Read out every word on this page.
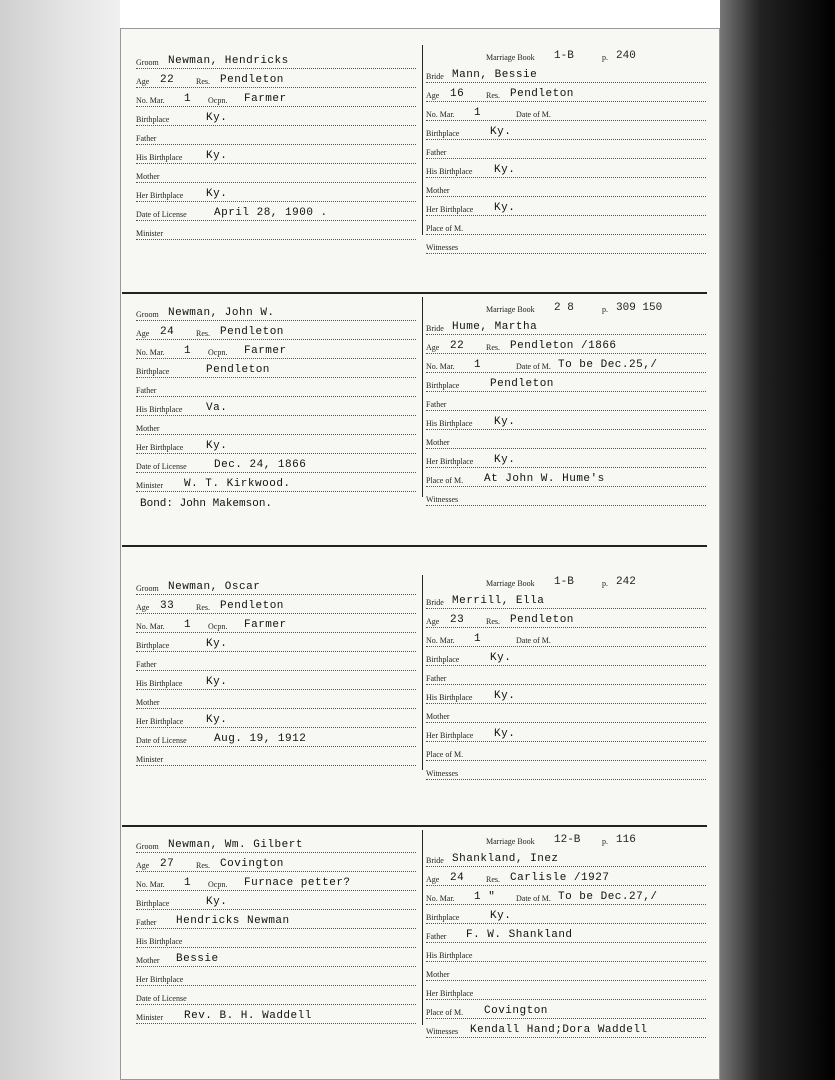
Groom Newman, Hendricks
Age 22	Res. Pendleton
No. Mar. 1 Ocpn. Farmer
Birthplace	Ky.
Father
His Birthplace Ky.
Mother
Her Birthplace Ky.
Date of License April 28, 1900 .
Minister
Marriage Book 1-B	p. 240
Bride Mann, Bessie
Age 16	Res. Pendleton
No. Mar. 1	Date of M.
Birthplace	Ky.
Father
His Birthplace Ky.
Mother
Her Birthplace Ky.
Place of M.
Witnesses
Groom Newman, John W.
Age 24	Res. Pendleton
No. Mar. 1 Ocpn. Farmer
Birthplace	Pendleton
Father
His Birthplace Va.
Mother
Her Birthplace Ky.
Date of License Dec. 24, 1866
Minister W. T. Kirkwood.
Marriage Book 2 8	p. 309 150
Bride Hume, Martha
Age 22	Res. Pendleton /1866
No. Mar. 1	Date of M. To be Dec.25,/
Birthplace	Pendleton
Father
His Birthplace Ky.
Mother
Her Birthplace Ky.
Place of M. At John W. Hume's
Witnesses
Groom Newman, Oscar
Age 33	Res. Pendleton
No. Mar. 1 Ocpn. Farmer
Birthplace	Ky.
Father
His Birthplace Ky.
Mother
Her Birthplace Ky.
Date of License Aug. 19, 1912
Minister
Marriage Book 1-B	p. 242
Bride Merrill, Ella
Age 23	Res. Pendleton
No. Mar. 1	Date of M.
Birthplace	Ky.
Father
His Birthplace Ky.
Mother
Her Birthplace Ky.
Place of M.
Witnesses
Groom Newman, Wm. Gilbert
Age 27	Res. Covington
No. Mar. 1 Ocpn. Furnace petter?
Birthplace	Ky.
Father Hendricks Newman
His Birthplace
Mother Bessie
Her Birthplace
Date of License
Minister Rev. B. H. Waddell
Marriage Book 12-B	p. 116
Bride Shankland, Inez
Age 24	Res. Carlisle /1927
No. Mar. 1 "	Date of M. To be Dec.27,/
Birthplace	Ky.
Father F. W. Shankland
His Birthplace
Mother
Her Birthplace
Place of M. Covington
Witnesses Kendall Hand;Dora Waddell
Bond: John Makemson.
